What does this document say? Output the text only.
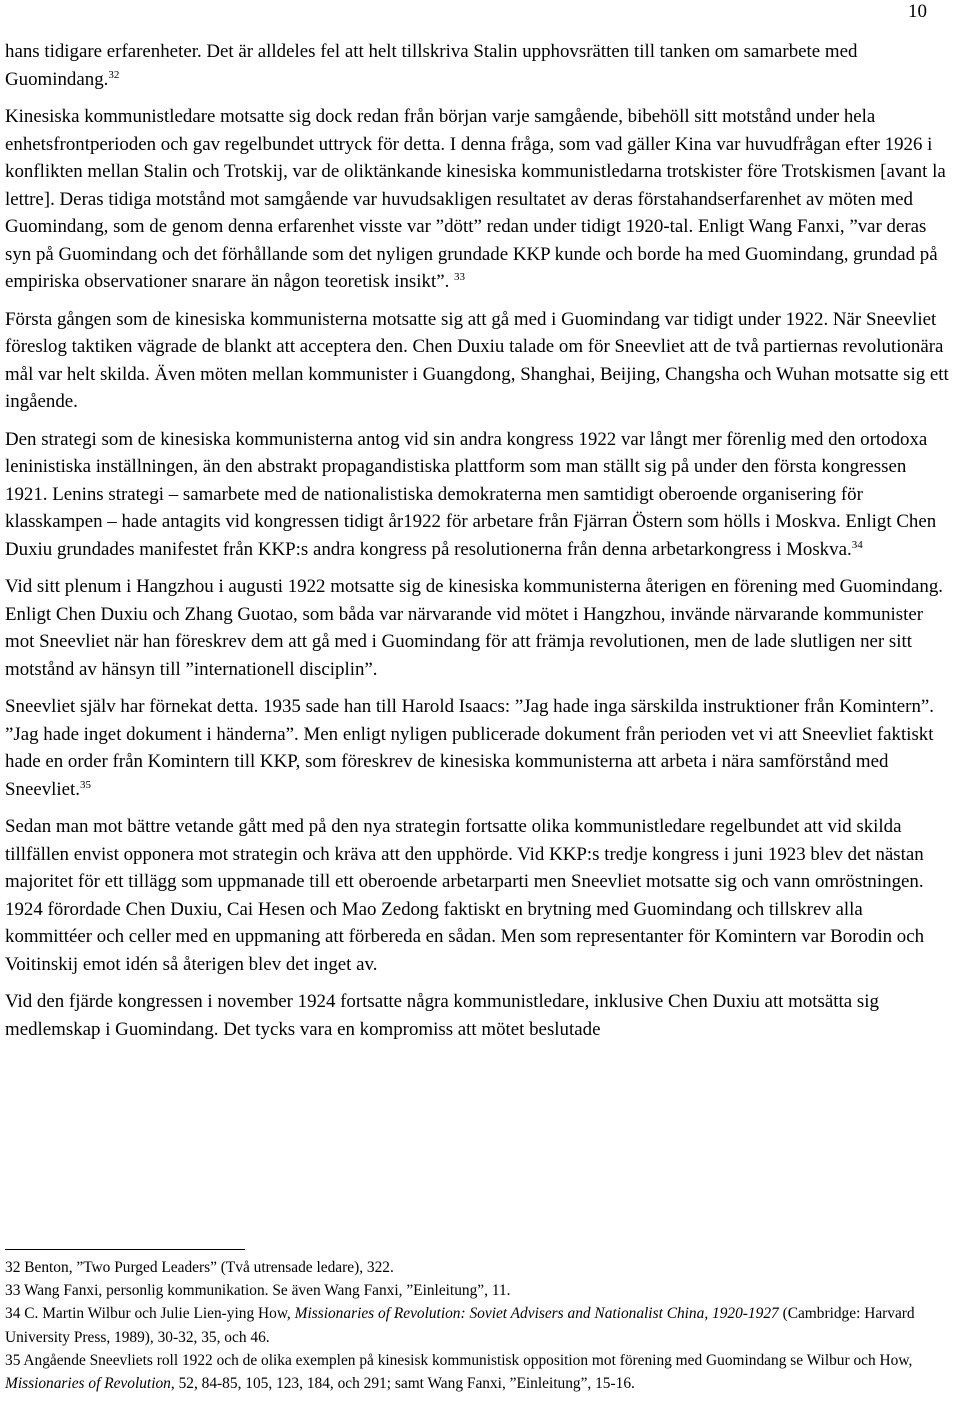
10

hans tidigare erfarenheter. Det är alldeles fel att helt tillskriva Stalin upphovsrätten till tanken om samarbete med Guomindang.$^{32}$

Kinesiska kommunistledare motsatte sig dock redan från början varje samgående, bibehöll sitt motstånd under hela enhetsfrontperioden och gav regelbundet uttryck för detta. I denna fråga, som vad gäller Kina var huvudfrågan efter 1926 i konflikten mellan Stalin och Trotskij, var de oliktänkande kinesiska kommunistledarna trotskister före Trotskismen [avant la lettre]. Deras tidiga motstånd mot samgående var huvudsakligen resultatet av deras förstahandserfarenhet av möten med Guomindang, som de genom denna erfarenhet visste var ”dött” redan under tidigt 1920-tal. Enligt Wang Fanxi, ”var deras syn på Guomindang och det förhållande som det nyligen grundade KKP kunde och borde ha med Guomindang, grundad på empiriska observationer snarare än någon teoretisk insikt”. $^{33}$

Första gången som de kinesiska kommunisterna motsatte sig att gå med i Guomindang var tidigt under 1922. När Sneevliet föreslog taktiken vägrade de blankt att acceptera den. Chen Duxiu talade om för Sneevliet att de två partiernas revolutionära mål var helt skilda. Även möten mellan kommunister i Guangdong, Shanghai, Beijing, Changsha och Wuhan motsatte sig ett ingående.

Den strategi som de kinesiska kommunisterna antog vid sin andra kongress 1922 var långt mer förenlig med den ortodoxa leninistiska inställningen, än den abstrakt propagandistiska plattform som man ställt sig på under den första kongressen 1921. Lenins strategi – samarbete med de nationalistiska demokraterna men samtidigt oberoende organisering för klasskampen – hade antagits vid kongressen tidigt år1922 för arbetare från Fjärran Östern som hölls i Moskva. Enligt Chen Duxiu grundades manifestet från KKP:s andra kongress på resolutionerna från denna arbetarkongress i Moskva.$^{34}$

Vid sitt plenum i Hangzhou i augusti 1922 motsatte sig de kinesiska kommunisterna återigen en förening med Guomindang. Enligt Chen Duxiu och Zhang Guotao, som båda var närvarande vid mötet i Hangzhou, invände närvarande kommunister mot Sneevliet när han föreskrev dem att gå med i Guomindang för att främja revolutionen, men de lade slutligen ner sitt motstånd av hänsyn till ”internationell disciplin”.

Sneevliet själv har förnekat detta. 1935 sade han till Harold Isaacs: ”Jag hade inga särskilda instruktioner från Komintern”. ”Jag hade inget dokument i händerna”. Men enligt nyligen publicerade dokument från perioden vet vi att Sneevliet faktiskt hade en order från Komintern till KKP, som föreskrev de kinesiska kommunisterna att arbeta i nära samförstånd med Sneevliet.$^{35}$

Sedan man mot bättre vetande gått med på den nya strategin fortsatte olika kommunistledare regelbundet att vid skilda tillfällen envist opponera mot strategin och kräva att den upphörde. Vid KKP:s tredje kongress i juni 1923 blev det nästan majoritet för ett tillägg som uppmanade till ett oberoende arbetarparti men Sneevliet motsatte sig och vann omröstningen. 1924 förordade Chen Duxiu, Cai Hesen och Mao Zedong faktiskt en brytning med Guomindang och tillskrev alla kommittéer och celler med en uppmaning att förbereda en sådan. Men som representanter för Komintern var Borodin och Voitinskij emot idén så återigen blev det inget av.

Vid den fjärde kongressen i november 1924 fortsatte några kommunistledare, inklusive Chen Duxiu att motsätta sig medlemskap i Guomindang. Det tycks vara en kompromiss att mötet beslutade

32 Benton, ”Two Purged Leaders” (Två utrensade ledare), 322.

33 Wang Fanxi, personlig kommunikation. Se även Wang Fanxi, ”Einleitung”, 11.

34 C. Martin Wilbur och Julie Lien-ying How, Missionaries of Revolution: Soviet Advisers and Nationalist China, 1920-1927 (Cambridge: Harvard University Press, 1989), 30-32, 35, och 46.

35 Angående Sneevliets roll 1922 och de olika exemplen på kinesisk kommunistisk opposition mot förening med Guomindang se Wilbur och How, Missionaries of Revolution, 52, 84-85, 105, 123, 184, och 291; samt Wang Fanxi, ”Einleitung”, 15-16.
